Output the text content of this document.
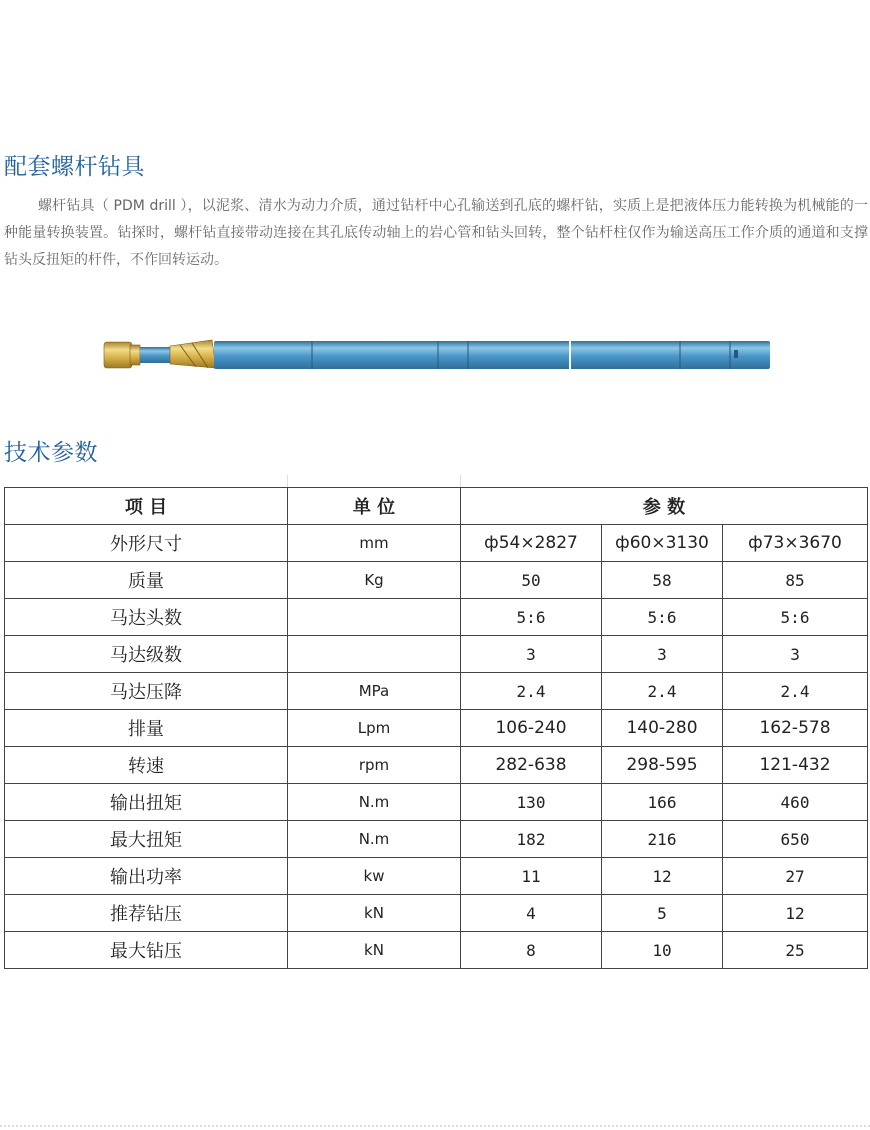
配套螺杆钻具

螺杆钻具（ PDM drill ），以泥浆、清水为动力介质，通过钻杆中心孔输送到孔底的螺杆钻，实质上是把液体压力能转换为机械能的一种能量转换装置。钻探时，螺杆钻直接带动连接在其孔底传动轴上的岩心管和钻头回转，整个钻杆柱仅作为输送高压工作介质的通道和支撑钻头反扭矩的杆件，不作回转运动。

技术参数
项 目	单 位	参 数		
外形尺寸	mm	ф54×2827	ф60×3130	ф73×3670
质量	Kg	50	58	85
马达头数		5:6	5:6	5:6
马达级数		3	3	3
马达压降	MPa	2.4	2.4	2.4
排量	Lpm	106-240	140-280	162-578
转速	rpm	282-638	298-595	121-432
输出扭矩	N.m	130	166	460
最大扭矩	N.m	182	216	650
输出功率	kw	11	12	27
推荐钻压	kN	4	5	12
最大钻压	kN	8	10	25
